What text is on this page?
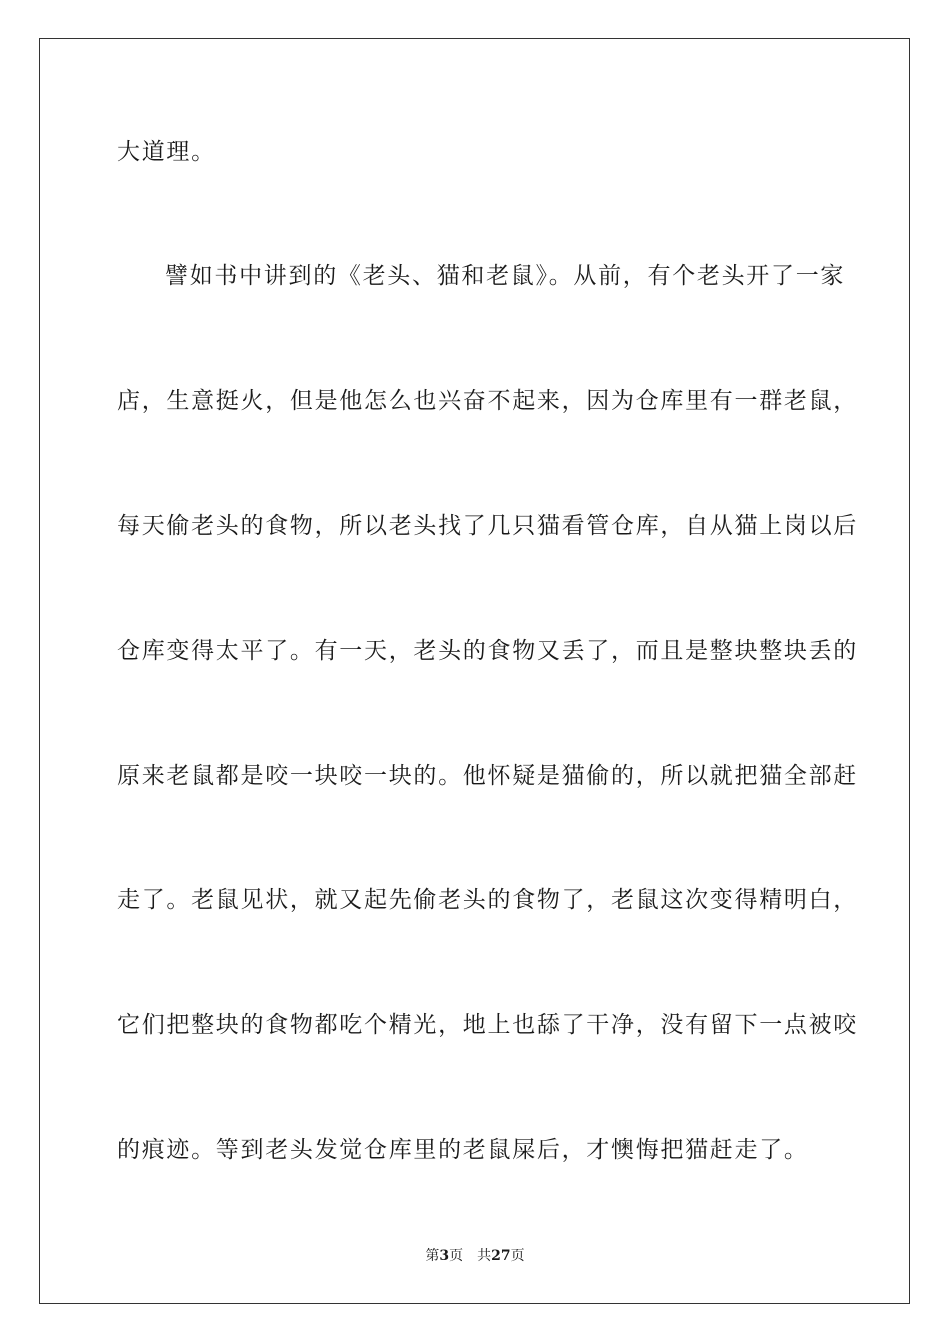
大道理。
譬如书中讲到的《老头、猫和老鼠》。从前，有个老头开了一家
店，生意挺火，但是他怎么也兴奋不起来，因为仓库里有一群老鼠，
每天偷老头的食物，所以老头找了几只猫看管仓库，自从猫上岗以后
仓库变得太平了。有一天，老头的食物又丢了，而且是整块整块丢的
原来老鼠都是咬一块咬一块的。他怀疑是猫偷的，所以就把猫全部赶
走了。老鼠见状，就又起先偷老头的食物了，老鼠这次变得精明白，
它们把整块的食物都吃个精光，地上也舔了干净，没有留下一点被咬
的痕迹。等到老头发觉仓库里的老鼠屎后，才懊悔把猫赶走了。
第3页 共27页
